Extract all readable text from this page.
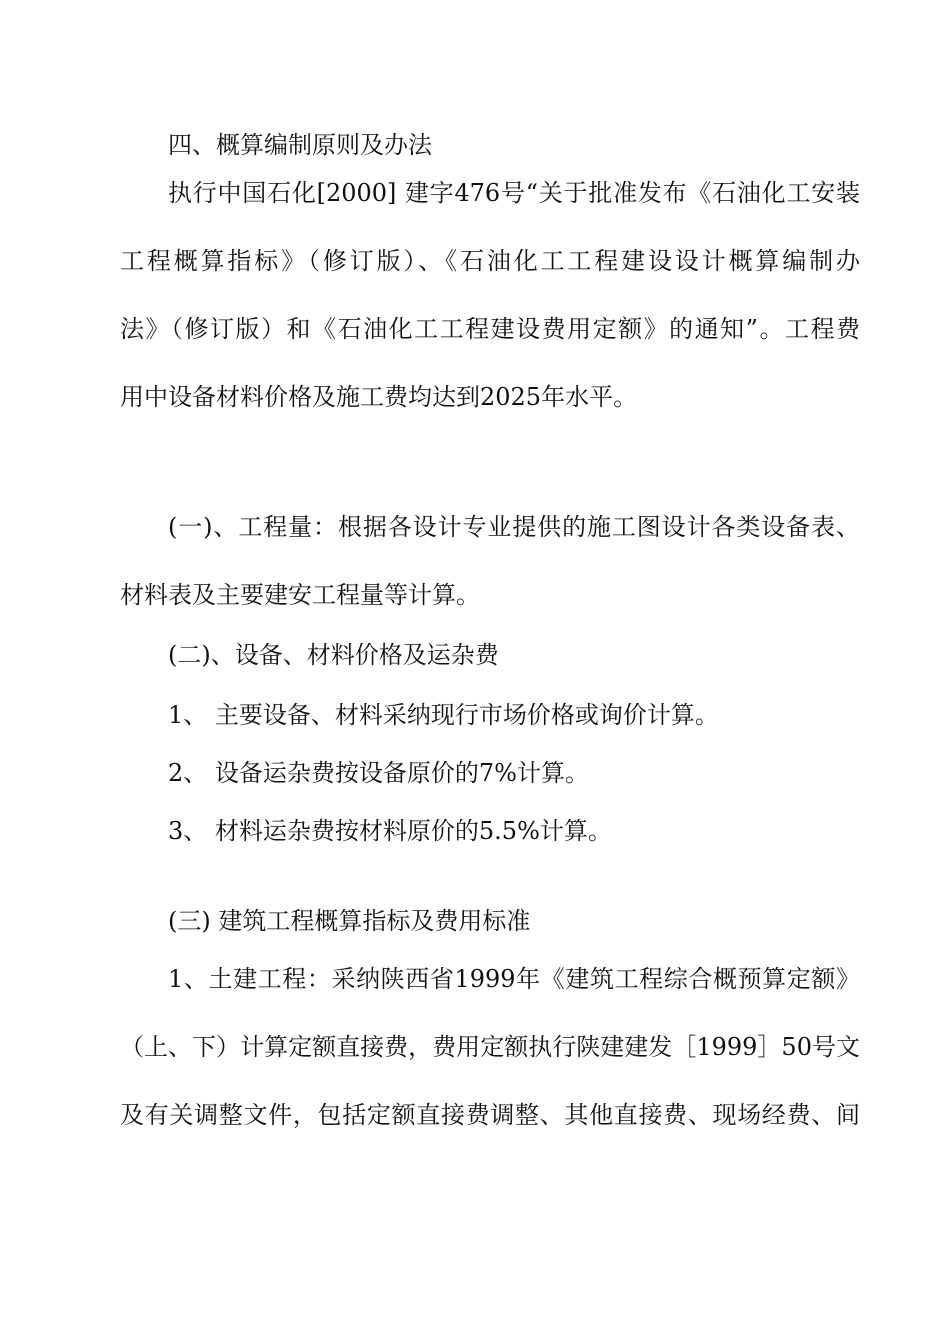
四、概算编制原则及办法
执行中国石化[2000] 建字476号“关于批准发布《石油化工安装
工程概算指标》（修订版）、《石油化工工程建设设计概算编制办
法》（修订版）和《石油化工工程建设费用定额》的通知”。工程费
用中设备材料价格及施工费均达到2025年水平。
(一)、工程量：根据各设计专业提供的施工图设计各类设备表、
材料表及主要建安工程量等计算。
(二)、设备、材料价格及运杂费
1、 主要设备、材料采纳现行市场价格或询价计算。
2、 设备运杂费按设备原价的7%计算。
3、 材料运杂费按材料原价的5.5%计算。
(三) 建筑工程概算指标及费用标准
1、土建工程：采纳陕西省1999年《建筑工程综合概预算定额》
（上、下）计算定额直接费，费用定额执行陕建建发［1999］50号文
及有关调整文件，包括定额直接费调整、其他直接费、现场经费、间
